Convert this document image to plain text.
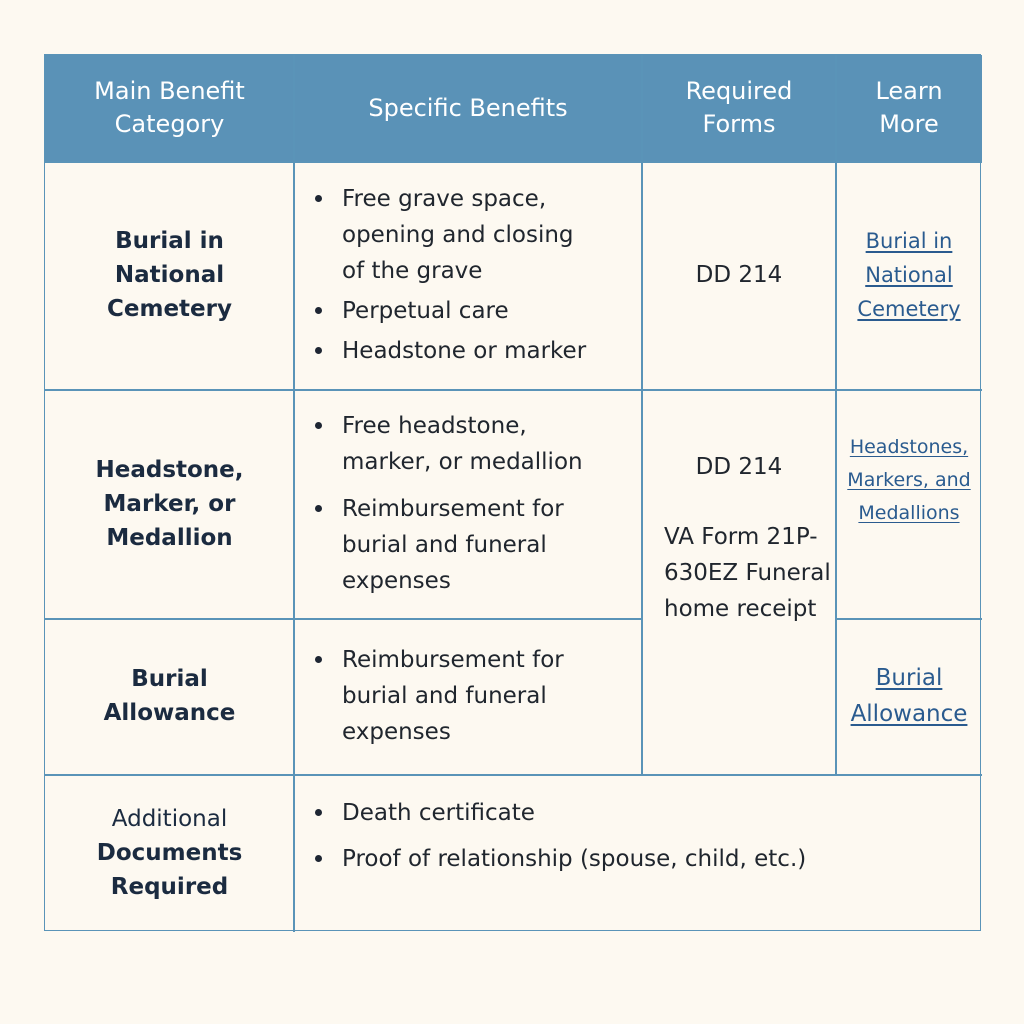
Main Benefit Category
Specific Benefits
Required Forms
Learn More
Burial in National Cemetery
Free grave space, opening and closing of the grave
Perpetual care
Headstone or marker
DD 214
Burial in National Cemetery
Headstone, Marker, or Medallion
Free headstone, marker, or medallion
Reimbursement for burial and funeral expenses
DD 214
VA Form 21P-630EZ Funeral home receipt
Headstones, Markers, and Medallions
Burial Allowance
Reimbursement for burial and funeral expenses
Burial Allowance
Additional
Documents Required
Death certificate
Proof of relationship (spouse, child, etc.)
